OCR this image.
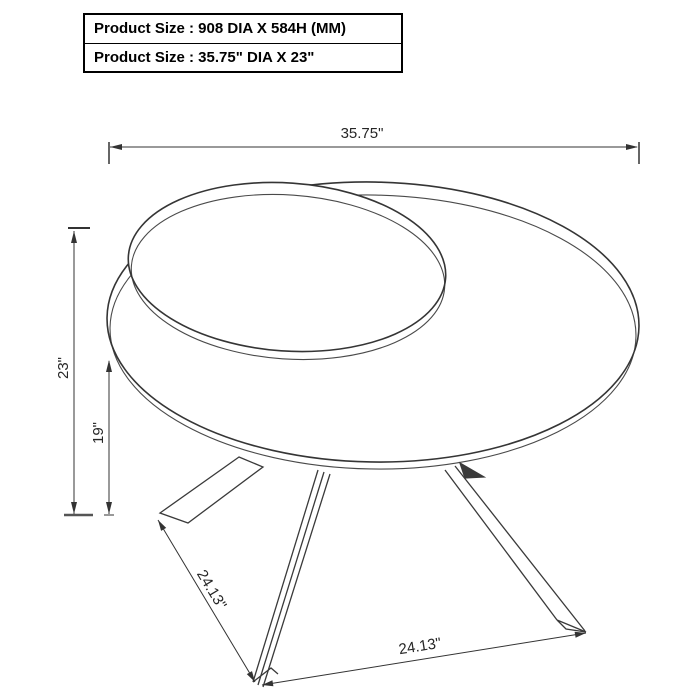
Product Size : 908 DIA X 584H (MM)
Product Size : 35.75" DIA X 23"
35.75"
23"
19"
24.13"
24.13"
